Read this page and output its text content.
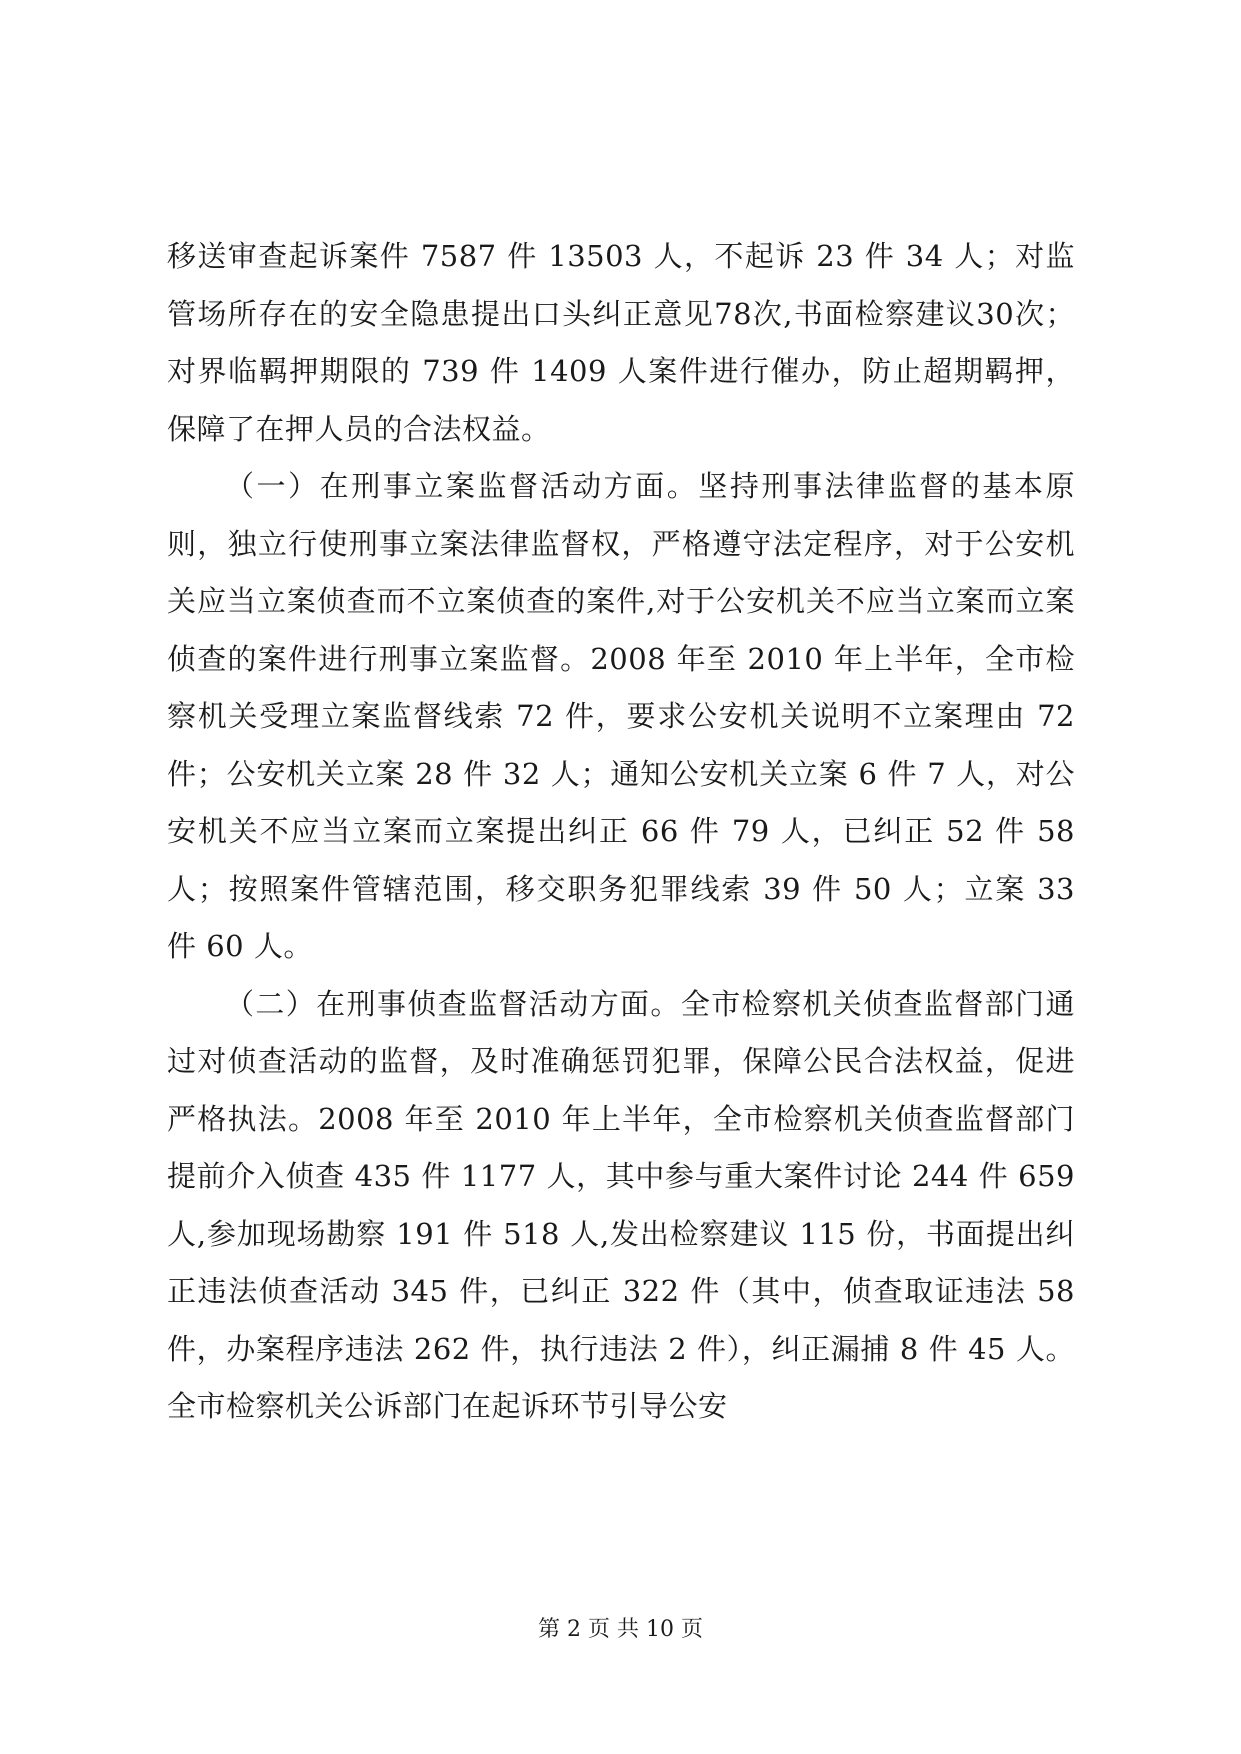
移送审查起诉案件 7587 件 13503 人，不起诉 23 件 34 人；对监管场所存在的安全隐患提出口头纠正意见78次,书面检察建议30次；对界临羁押期限的 739 件 1409 人案件进行催办，防止超期羁押，保障了在押人员的合法权益。

（一）在刑事立案监督活动方面。坚持刑事法律监督的基本原则，独立行使刑事立案法律监督权，严格遵守法定程序，对于公安机关应当立案侦查而不立案侦查的案件,对于公安机关不应当立案而立案侦查的案件进行刑事立案监督。2008 年至 2010 年上半年，全市检察机关受理立案监督线索 72 件，要求公安机关说明不立案理由 72 件；公安机关立案 28 件 32 人；通知公安机关立案 6 件 7 人，对公安机关不应当立案而立案提出纠正 66 件 79 人，已纠正 52 件 58 人；按照案件管辖范围，移交职务犯罪线索 39 件 50 人；立案 33 件 60 人。

（二）在刑事侦查监督活动方面。全市检察机关侦查监督部门通过对侦查活动的监督，及时准确惩罚犯罪，保障公民合法权益，促进严格执法。2008 年至 2010 年上半年，全市检察机关侦查监督部门提前介入侦查 435 件 1177 人，其中参与重大案件讨论 244 件 659 人,参加现场勘察 191 件 518 人,发出检察建议 115 份，书面提出纠正违法侦查活动 345 件，已纠正 322 件（其中，侦查取证违法 58 件，办案程序违法 262 件，执行违法 2 件），纠正漏捕 8 件 45 人。全市检察机关公诉部门在起诉环节引导公安

第 2 页 共 10 页
